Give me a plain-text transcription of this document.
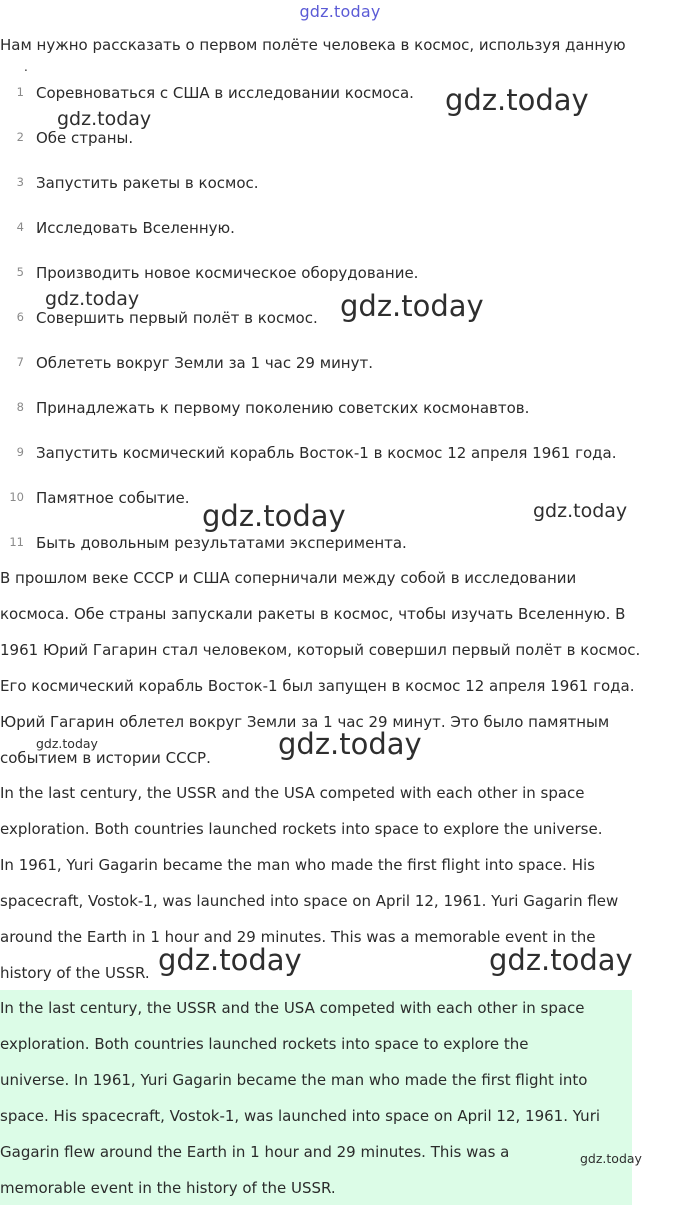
gdz.today
Нам нужно рассказать о первом полёте человека в космос, используя данную
.
1 Соревноваться с США в исследовании космоса.
2 Обе страны.
3 Запустить ракеты в космос.
4 Исследовать Вселенную.
5 Производить новое космическое оборудование.
6 Совершить первый полёт в космос.
7 Облететь вокруг Земли за 1 час 29 минут.
8 Принадлежать к первому поколению советских космонавтов.
9 Запустить космический корабль Восток-1 в космос 12 апреля 1961 года.
10 Памятное событие.
11 Быть довольным результатами эксперимента.
В прошлом веке СССР и США соперничали между собой в исследовании
космоса. Обе страны запускали ракеты в космос, чтобы изучать Вселенную. В
1961 Юрий Гагарин стал человеком, который совершил первый полёт в космос.
Его космический корабль Восток-1 был запущен в космос 12 апреля 1961 года.
Юрий Гагарин облетел вокруг Земли за 1 час 29 минут. Это было памятным
событием в истории СССР.
In the last century, the USSR and the USA competed with each other in space
exploration. Both countries launched rockets into space to explore the universe.
In 1961, Yuri Gagarin became the man who made the first flight into space. His
spacecraft, Vostok-1, was launched into space on April 12, 1961. Yuri Gagarin flew
around the Earth in 1 hour and 29 minutes. This was a memorable event in the
history of the USSR.
In the last century, the USSR and the USA competed with each other in space
exploration. Both countries launched rockets into space to explore the
universe. In 1961, Yuri Gagarin became the man who made the first flight into
space. His spacecraft, Vostok-1, was launched into space on April 12, 1961. Yuri
Gagarin flew around the Earth in 1 hour and 29 minutes. This was a
memorable event in the history of the USSR.
gdz.today
gdz.today
gdz.today	gdz.today
gdz.today	gdz.today
gdz.today	gdz.today
gdz.today	gdz.today
gdz.today
